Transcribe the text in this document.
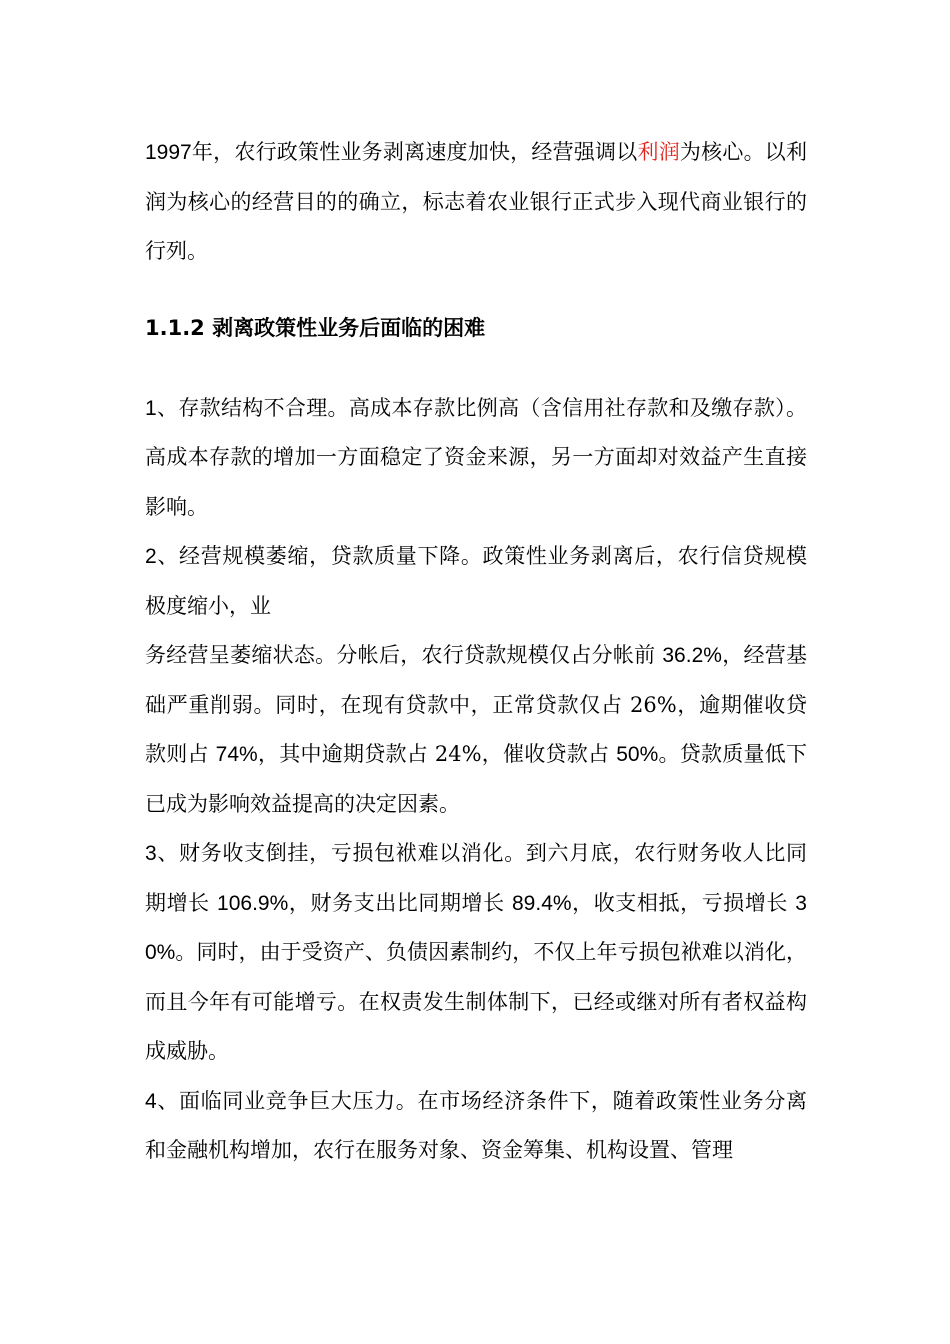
1997年，农行政策性业务剥离速度加快，经营强调以利润为核心。以利润为核心的经营目的的确立，标志着农业银行正式步入现代商业银行的行列。

1.1.2 剥离政策性业务后面临的困难

1、存款结构不合理。高成本存款比例高（含信用社存款和及缴存款）。高成本存款的增加一方面稳定了资金来源，另一方面却对效益产生直接影响。

2、经营规模萎缩，贷款质量下降。政策性业务剥离后，农行信贷规模极度缩小，业
务经营呈萎缩状态。分帐后，农行贷款规模仅占分帐前 36.2%，经营基础严重削弱。同时，在现有贷款中，正常贷款仅占 26%，逾期催收贷款则占 74%，其中逾期贷款占 24%，催收贷款占 50%。贷款质量低下已成为影响效益提高的决定因素。

3、财务收支倒挂，亏损包袱难以消化。到六月底，农行财务收人比同期增长 106.9%，财务支出比同期增长 89.4%，收支相抵，亏损增长 30%。同时，由于受资产、负债因素制约，不仅上年亏损包袱难以消化，而且今年有可能增亏。在权责发生制体制下，已经或继对所有者权益构成威胁。

4、面临同业竞争巨大压力。在市场经济条件下，随着政策性业务分离和金融机构增加，农行在服务对象、资金筹集、机构设置、管理
